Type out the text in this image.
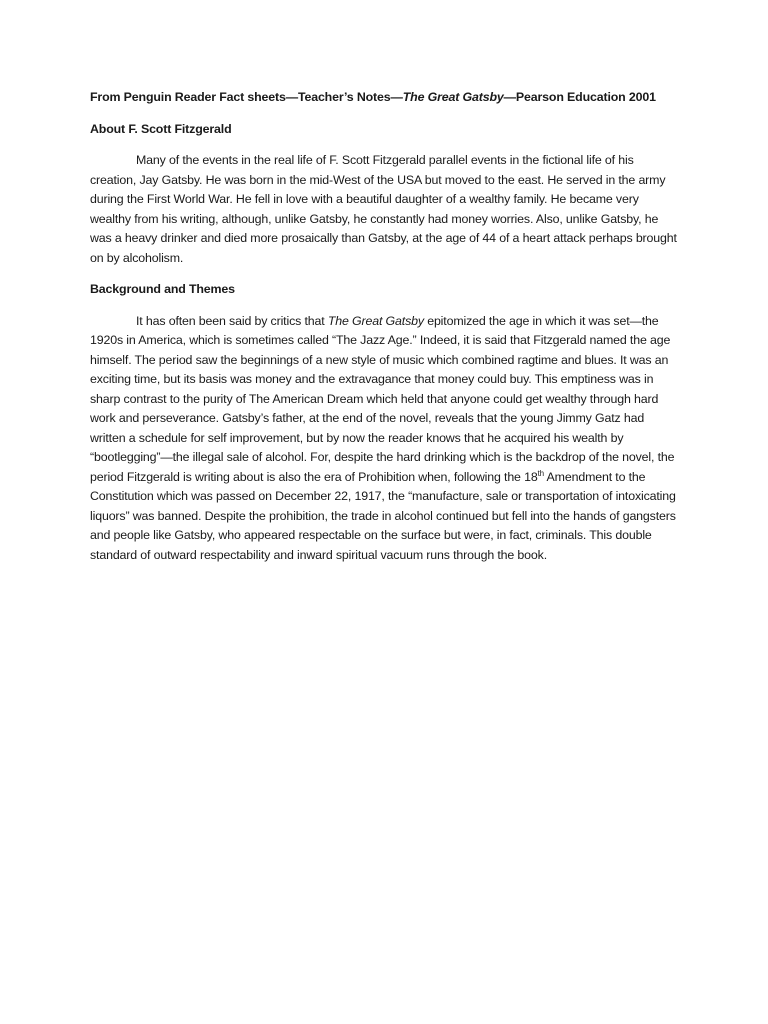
From Penguin Reader Fact sheets—Teacher’s Notes—The Great Gatsby—Pearson Education 2001
About F. Scott Fitzgerald
Many of the events in the real life of F. Scott Fitzgerald parallel events in the fictional life of his creation, Jay Gatsby. He was born in the mid-West of the USA but moved to the east. He served in the army during the First World War. He fell in love with a beautiful daughter of a wealthy family. He became very wealthy from his writing, although, unlike Gatsby, he constantly had money worries. Also, unlike Gatsby, he was a heavy drinker and died more prosaically than Gatsby, at the age of 44 of a heart attack perhaps brought on by alcoholism.
Background and Themes
It has often been said by critics that The Great Gatsby epitomized the age in which it was set—the 1920s in America, which is sometimes called “The Jazz Age.” Indeed, it is said that Fitzgerald named the age himself. The period saw the beginnings of a new style of music which combined ragtime and blues. It was an exciting time, but its basis was money and the extravagance that money could buy. This emptiness was in sharp contrast to the purity of The American Dream which held that anyone could get wealthy through hard work and perseverance. Gatsby’s father, at the end of the novel, reveals that the young Jimmy Gatz had written a schedule for self improvement, but by now the reader knows that he acquired his wealth by “bootlegging”—the illegal sale of alcohol. For, despite the hard drinking which is the backdrop of the novel, the period Fitzgerald is writing about is also the era of Prohibition when, following the 18th Amendment to the Constitution which was passed on December 22, 1917, the “manufacture, sale or transportation of intoxicating liquors” was banned. Despite the prohibition, the trade in alcohol continued but fell into the hands of gangsters and people like Gatsby, who appeared respectable on the surface but were, in fact, criminals. This double standard of outward respectability and inward spiritual vacuum runs through the book.
